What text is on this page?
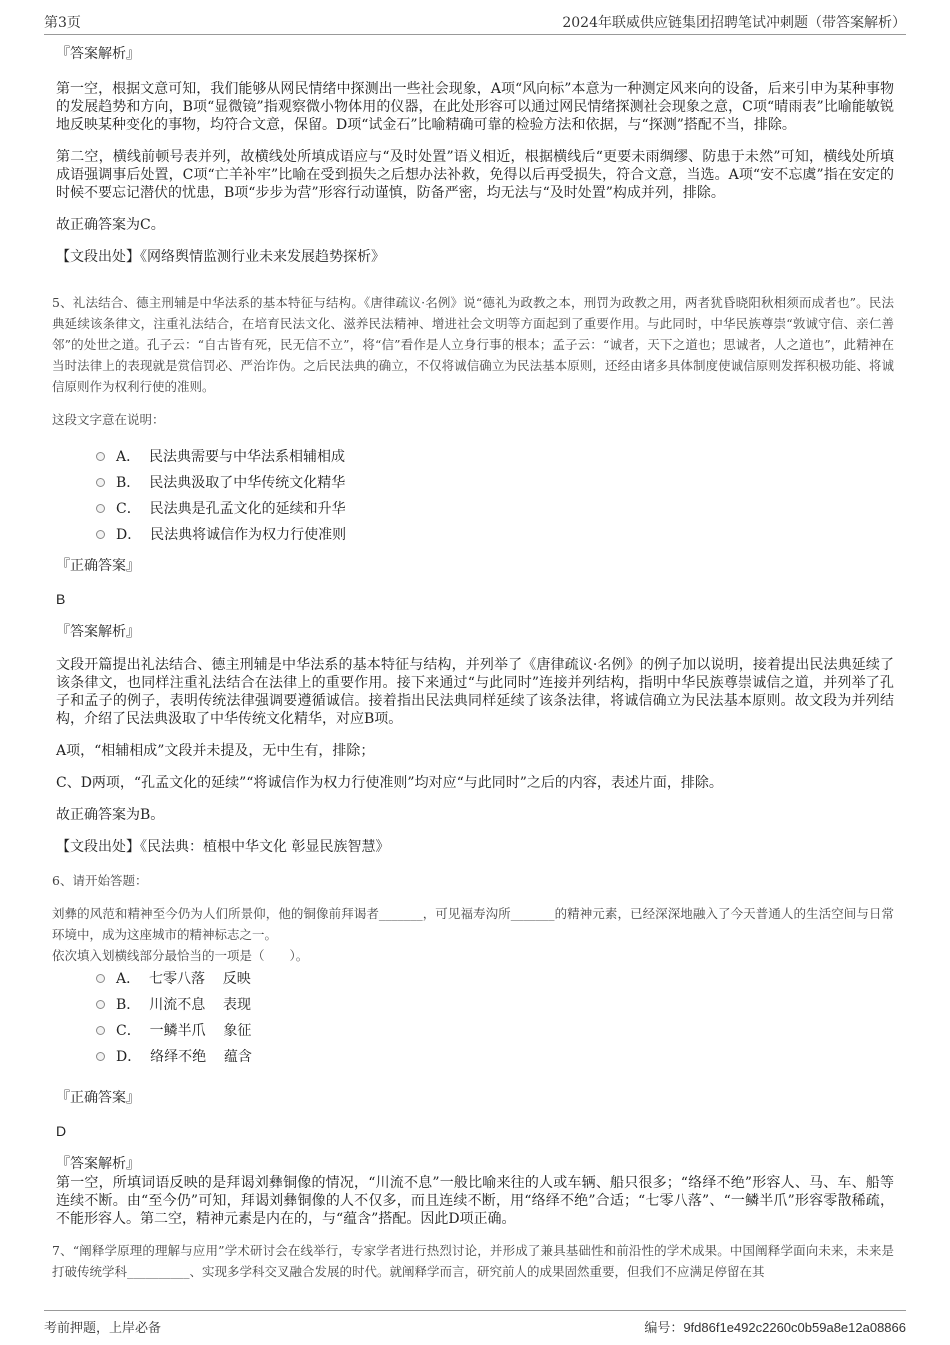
第3页	2024年联威供应链集团招聘笔试冲刺题（带答案解析）

『答案解析』

第一空，根据文意可知，我们能够从网民情绪中探测出一些社会现象，A项“风向标”本意为一种测定风来向的设备，后来引申为某种事物的发展趋势和方向，B项“显微镜”指观察微小物体用的仪器，在此处形容可以通过网民情绪探测社会现象之意，C项“晴雨表”比喻能敏锐地反映某种变化的事物，均符合文意，保留。D项“试金石”比喻精确可靠的检验方法和依据，与“探测”搭配不当，排除。

第二空，横线前顿号表并列，故横线处所填成语应与“及时处置”语义相近，根据横线后“更要未雨绸缪、防患于未然”可知，横线处所填成语强调事后处置，C项“亡羊补牢”比喻在受到损失之后想办法补救，免得以后再受损失，符合文意，当选。A项“安不忘虞”指在安定的时候不要忘记潜伏的忧患，B项“步步为营”形容行动谨慎，防备严密，均无法与“及时处置”构成并列，排除。

故正确答案为C。

【文段出处】《网络舆情监测行业未来发展趋势探析》

5、礼法结合、德主刑辅是中华法系的基本特征与结构。《唐律疏议·名例》说“德礼为政教之本，刑罚为政教之用，两者犹昏晓阳秋相须而成者也”。民法典延续该条律文，注重礼法结合，在培育民法文化、滋养民法精神、增进社会文明等方面起到了重要作用。与此同时，中华民族尊崇“敦诚守信、亲仁善邻”的处世之道。孔子云：“自古皆有死，民无信不立”，将“信”看作是人立身行事的根本；孟子云：“诚者，天下之道也；思诚者，人之道也”，此精神在当时法律上的表现就是赏信罚必、严治诈伪。之后民法典的确立，不仅将诚信确立为民法基本原则，还经由诸多具体制度使诚信原则发挥积极功能、将诚信原则作为权利行使的准则。

这段文字意在说明：

A．  民法典需要与中华法系相辅相成
B．  民法典汲取了中华传统文化精华
C．  民法典是孔孟文化的延续和升华
D．  民法典将诚信作为权力行使准则

『正确答案』

B

『答案解析』

文段开篇提出礼法结合、德主刑辅是中华法系的基本特征与结构，并列举了《唐律疏议·名例》的例子加以说明，接着提出民法典延续了该条律文，也同样注重礼法结合在法律上的重要作用。接下来通过“与此同时”连接并列结构，指明中华民族尊崇诚信之道，并列举了孔子和孟子的例子，表明传统法律强调要遵循诚信。接着指出民法典同样延续了该条法律，将诚信确立为民法基本原则。故文段为并列结构，介绍了民法典汲取了中华传统文化精华，对应B项。

A项，“相辅相成”文段并未提及，无中生有，排除；

C、D两项，“孔孟文化的延续”“将诚信作为权力行使准则”均对应“与此同时”之后的内容，表述片面，排除。

故正确答案为B。

【文段出处】《民法典：植根中华文化 彰显民族智慧》

6、请开始答题：

刘彝的风范和精神至今仍为人们所景仰，他的铜像前拜谒者_______，可见福寿沟所_______的精神元素，已经深深地融入了今天普通人的生活空间与日常环境中，成为这座城市的精神标志之一。

依次填入划横线部分最恰当的一项是（　　）。

A．  七零八落    反映
B．  川流不息    表现
C．  一鳞半爪    象征
D．  络绎不绝    蕴含

『正确答案』

D

『答案解析』

第一空，所填词语反映的是拜谒刘彝铜像的情况，“川流不息”一般比喻来往的人或车辆、船只很多；“络绎不绝”形容人、马、车、船等连续不断。由“至今仍”可知，拜谒刘彝铜像的人不仅多，而且连续不断，用“络绎不绝”合适；“七零八落”、“一鳞半爪”形容零散稀疏，不能形容人。第二空，精神元素是内在的，与“蕴含”搭配。因此D项正确。

7、“阐释学原理的理解与应用”学术研讨会在线举行，专家学者进行热烈讨论，并形成了兼具基础性和前沿性的学术成果。中国阐释学面向未来，未来是打破传统学科__________、实现多学科交叉融合发展的时代。就阐释学而言，研究前人的成果固然重要，但我们不应满足停留在其

考前押题，上岸必备	编号：9fd86f1e492c2260c0b59a8e12a08866
